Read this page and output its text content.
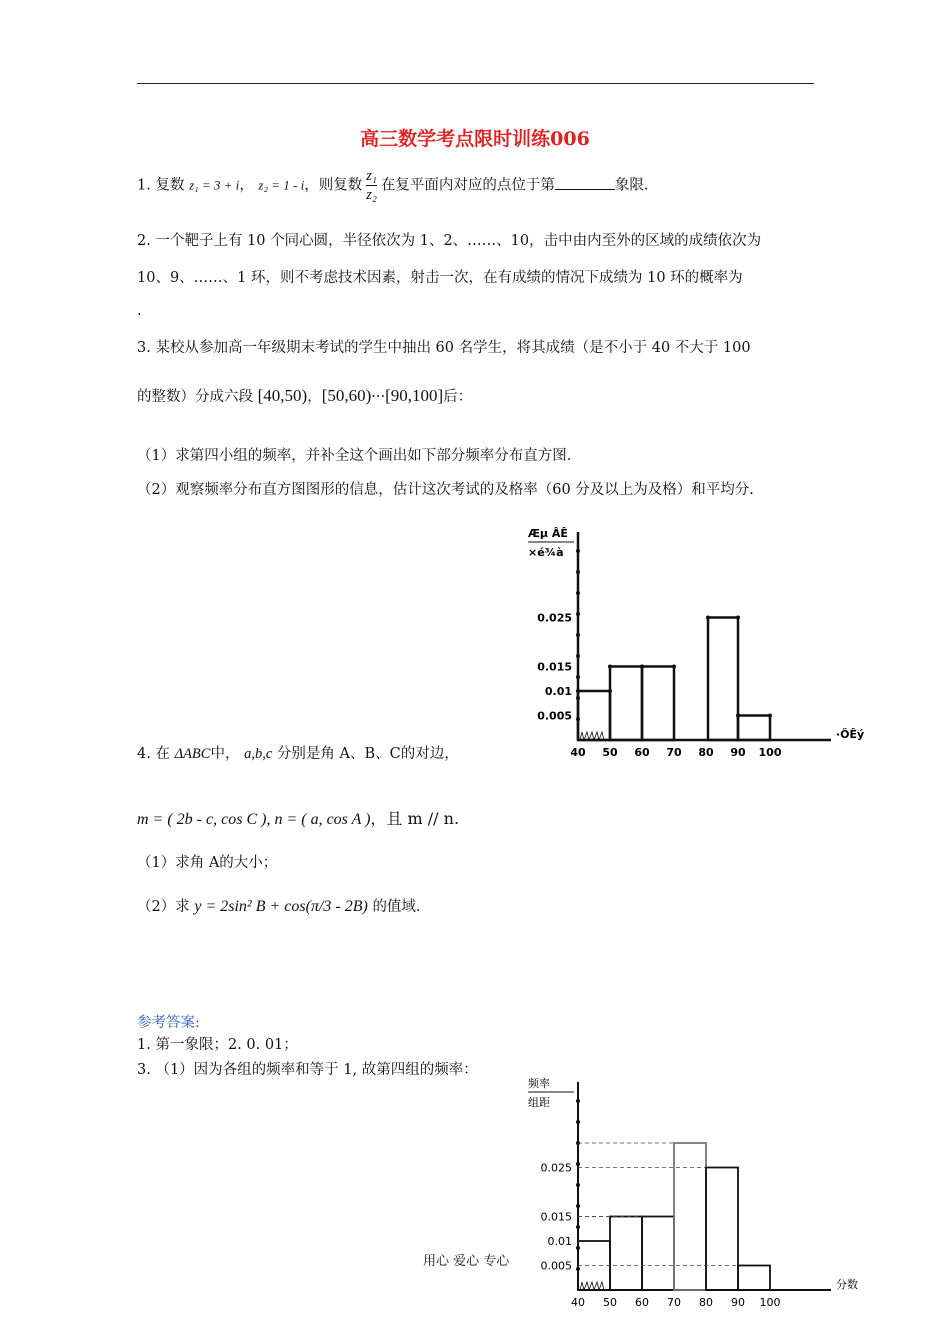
高三数学考点限时训练006
1. 复数 z₁ = 3 + i， z₂ = 1 - i，则复数 $\frac{\text{z₁}}{\text{z₂}}$ 在复平面内对应的点位于第	象限.
2. 一个靶子上有 10 个同心圆，半径依次为 1、2、……、10，击中由内至外的区域的成绩依次为
10、9、……、1 环，则不考虑技术因素，射击一次，在有成绩的情况下成绩为 10 环的概率为
.
3. 某校从参加高一年级期末考试的学生中抽出 60 名学生，将其成绩（是不小于 40 不大于 100
的整数）分成六段 [40,50)，[50,60)···[90,100]后：
（1）求第四小组的频率，并补全这个画出如下部分频率分布直方图.
（2）观察频率分布直方图图形的信息，估计这次考试的及格率（60 分及以上为及格）和平均分.
Æµ ÂÊ
×é¾à
0.005
0.01
0.015
0.025
40 50 60 70 80 90 100
·ÖÊý
4. 在 ΔABC中， a,b,c 分别是角 A、B、C的对边，
m = ( 2b - c, cos C ), n = ( a, cos A )，且 m // n.
（1）求角 A的大小；
（2）求 y = 2sin² B + cos(π/3 - 2B) 的值域.
参考答案:
1. 第一象限；2. 0. 01；
3. （1）因为各组的频率和等于 1, 故第四组的频率：
频率
组距
0.005
0.01
0.015
0.025
40 50 60 70 80 90 100
分数
用心 爱心 专心
